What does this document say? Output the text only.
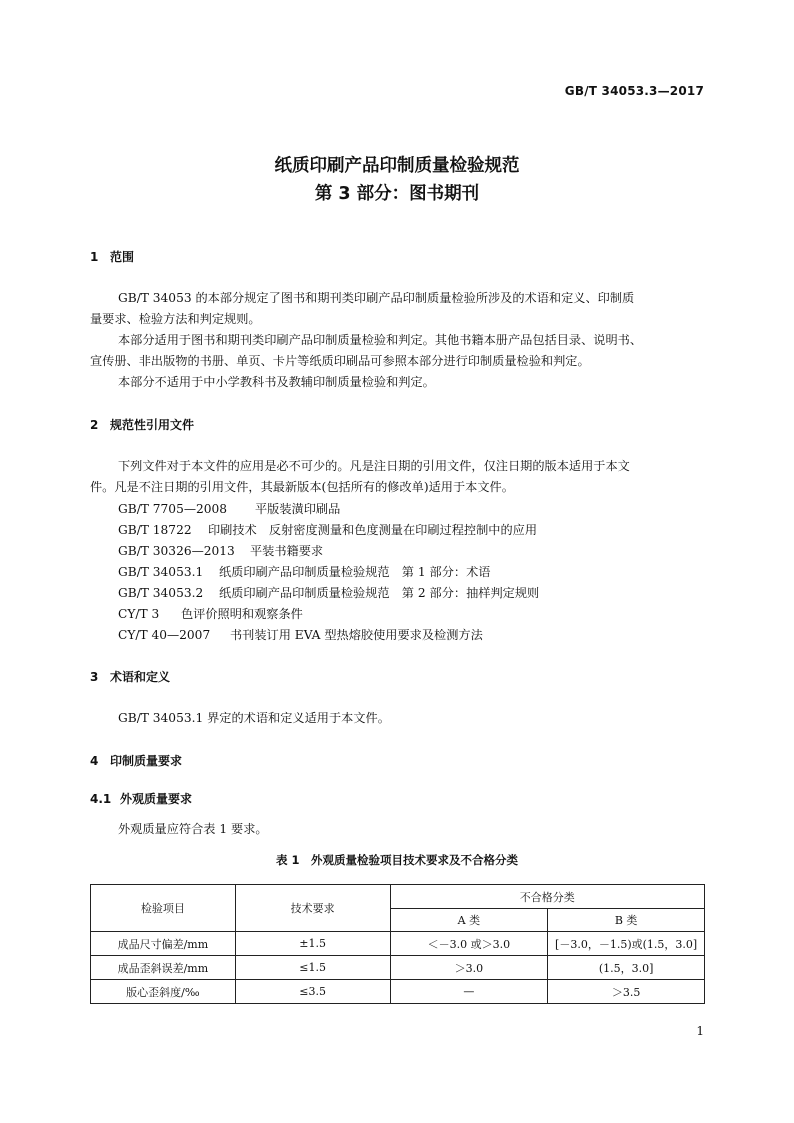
GB/T 34053.3—2017
纸质印刷产品印制质量检验规范
第 3 部分：图书期刊
1 范围
GB/T 34053 的本部分规定了图书和期刊类印刷产品印制质量检验所涉及的术语和定义、印制质
量要求、检验方法和判定规则。
本部分适用于图书和期刊类印刷产品印制质量检验和判定。其他书籍本册产品包括目录、说明书、
宣传册、非出版物的书册、单页、卡片等纸质印刷品可参照本部分进行印制质量检验和判定。
本部分不适用于中小学教科书及教辅印制质量检验和判定。
2 规范性引用文件
下列文件对于本文件的应用是必不可少的。凡是注日期的引用文件，仅注日期的版本适用于本文
件。凡是不注日期的引用文件，其最新版本(包括所有的修改单)适用于本文件。
GB/T 7705—2008 平版装潢印刷品
GB/T 18722 印刷技术　反射密度测量和色度测量在印刷过程控制中的应用
GB/T 30326—2013 平装书籍要求
GB/T 34053.1 纸质印刷产品印制质量检验规范　第 1 部分：术语
GB/T 34053.2 纸质印刷产品印制质量检验规范　第 2 部分：抽样判定规则
CY/T 3 色评价照明和观察条件
CY/T 40—2007 书刊装订用 EVA 型热熔胶使用要求及检测方法
3 术语和定义
GB/T 34053.1 界定的术语和定义适用于本文件。
4 印制质量要求
4.1 外观质量要求
外观质量应符合表 1 要求。
表 1　外观质量检验项目技术要求及不合格分类
检验项目	技术要求	不合格分类	
		A 类	B 类
成品尺寸偏差/mm	±1.5	＜－3.0 或＞3.0	[－3.0，－1.5)或(1.5，3.0]
成品歪斜误差/mm	≤1.5	＞3.0	(1.5，3.0]
版心歪斜度/‰	≤3.5	—	＞3.5
1
